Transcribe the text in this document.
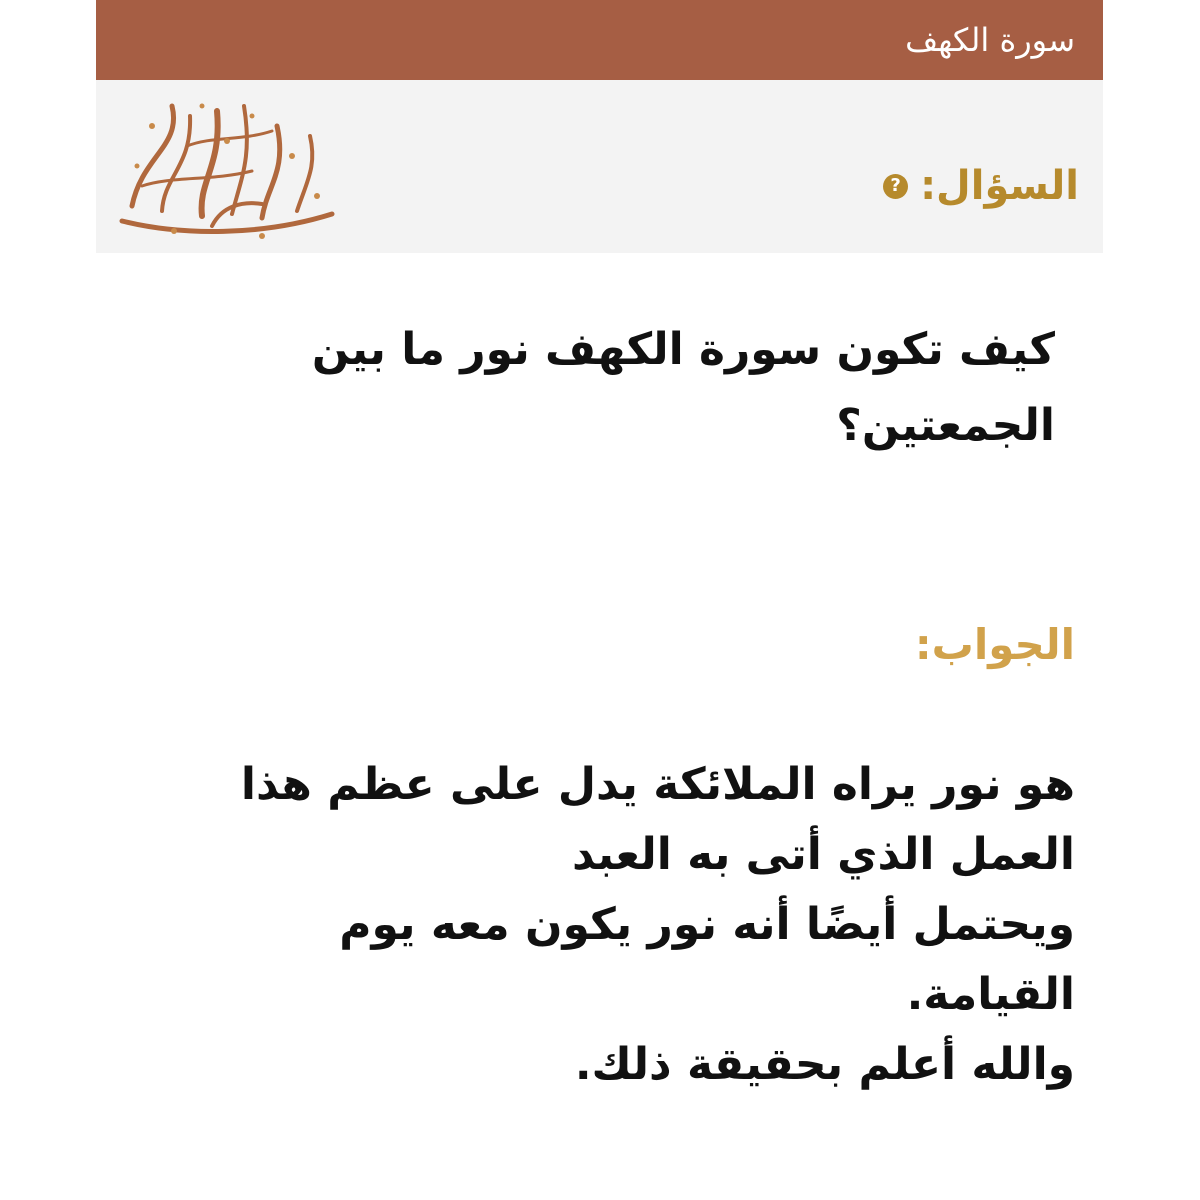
سورة الكهف
? السؤال:
كيف تكون سورة الكهف نور ما بين الجمعتين؟
الجواب:
هو نور يراه الملائكة يدل على عظم هذا
العمل الذي أتى به العبد
ويحتمل أيضًا أنه نور يكون معه يوم
القيامة.
والله أعلم بحقيقة ذلك.
